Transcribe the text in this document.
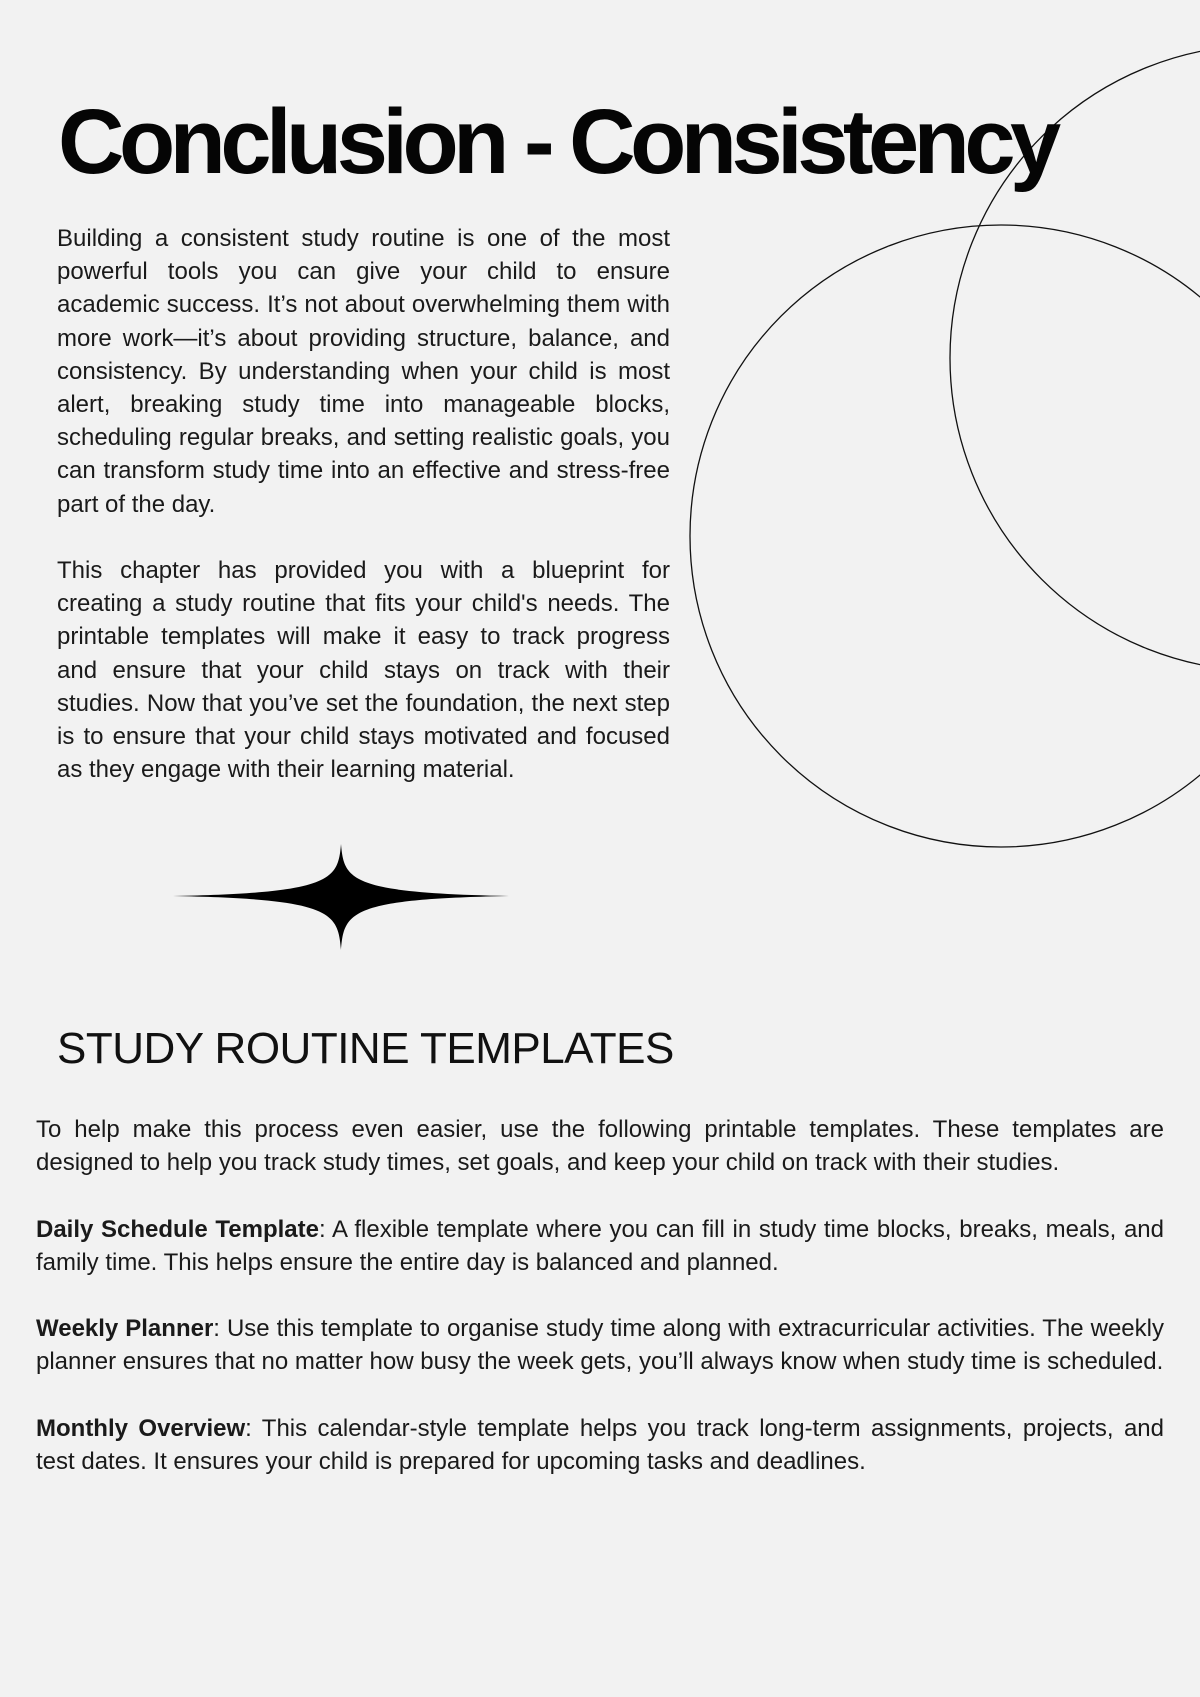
Conclusion - Consistency

Building a consistent study routine is one of the most powerful tools you can give your child to ensure academic success. It’s not about overwhelming them with more work—it’s about providing structure, balance, and consistency. By understanding when your child is most alert, breaking study time into manageable blocks, scheduling regular breaks, and setting realistic goals, you can transform study time into an effective and stress-free part of the day.

This chapter has provided you with a blueprint for creating a study routine that fits your child's needs. The printable templates will make it easy to track progress and ensure that your child stays on track with their studies. Now that you’ve set the foundation, the next step is to ensure that your child stays motivated and focused as they engage with their learning material.

STUDY ROUTINE TEMPLATES

To help make this process even easier, use the following printable templates. These templates are designed to help you track study times, set goals, and keep your child on track with their studies.

Daily Schedule Template: A flexible template where you can fill in study time blocks, breaks, meals, and family time. This helps ensure the entire day is balanced and planned.

Weekly Planner: Use this template to organise study time along with extracurricular activities. The weekly planner ensures that no matter how busy the week gets, you’ll always know when study time is scheduled.

Monthly Overview: This calendar-style template helps you track long-term assignments, projects, and test dates. It ensures your child is prepared for upcoming tasks and deadlines.
